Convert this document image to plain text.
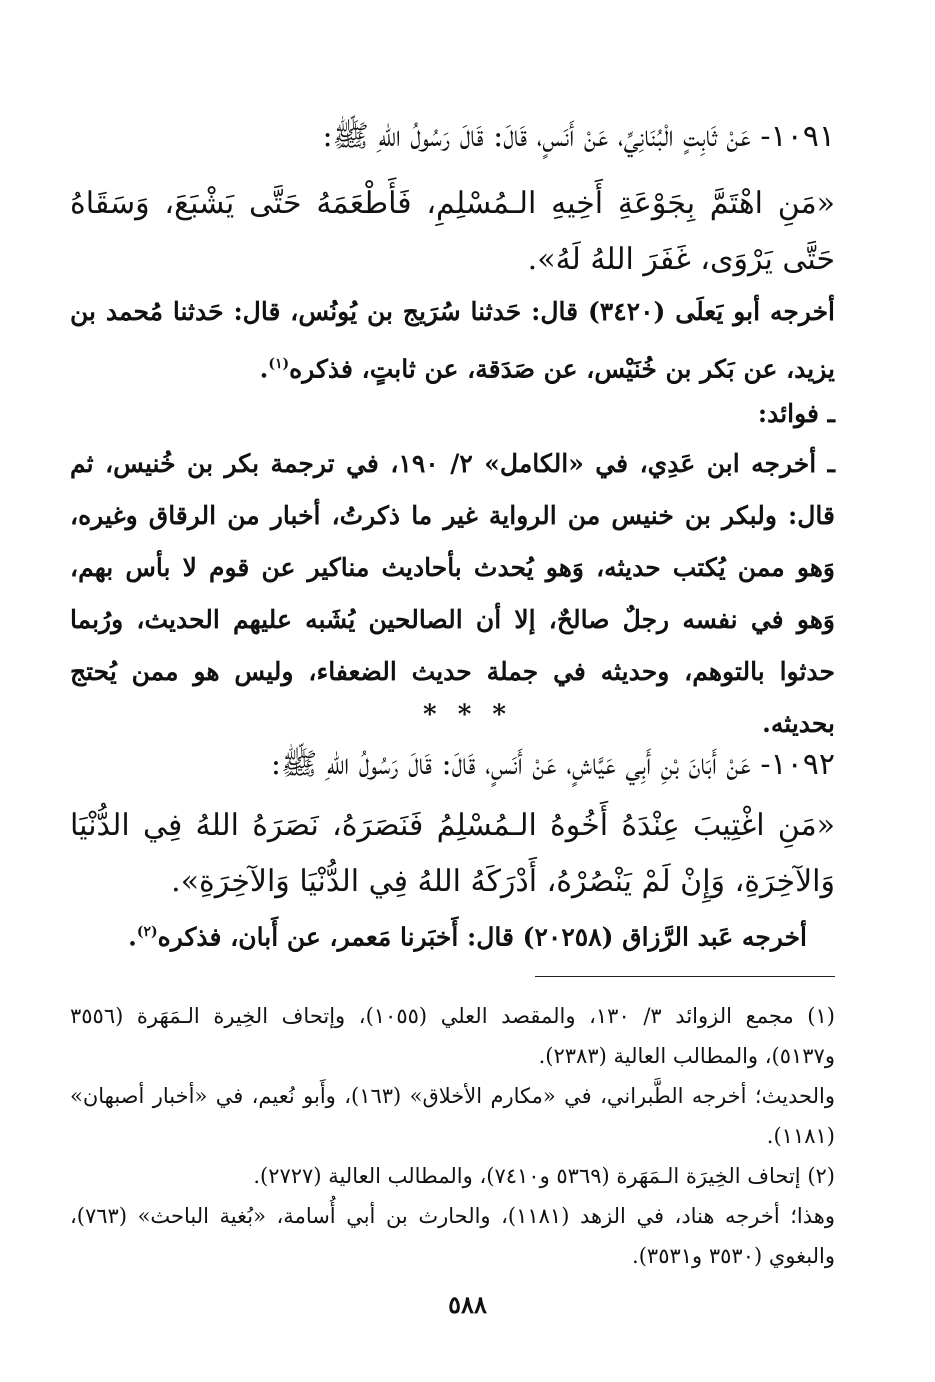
١٠٩١- عَنْ ثَابِتٍ الْبُنَانِيِّ، عَنْ أَنَسٍ، قَالَ: قَالَ رَسُولُ اللهِ ﷺ:
«مَنِ اهْتَمَّ بِجَوْعَةِ أَخِيهِ الـمُسْلِمِ، فَأَطْعَمَهُ حَتَّى يَشْبَعَ، وَسَقَاهُ حَتَّى يَرْوَى، غَفَرَ اللهُ لَهُ».
أخرجه أبو يَعلَى (٣٤٢٠) قال: حَدثنا سُرَيج بن يُونُس، قال: حَدثنا مُحمد بن يزيد، عن بَكر بن خُنَيْس، عن صَدَقة، عن ثابتٍ، فذكره$^{(١)}$.
ـ فوائد:
ـ أخرجه ابن عَدِي، في «الكامل» ٢/ ١٩٠، في ترجمة بكر بن خُنيس، ثم قال: ولبكر بن خنيس من الرواية غير ما ذكرتُ، أخبار من الرقاق وغيره، وَهو ممن يُكتب حديثه، وَهو يُحدث بأحاديث مناكير عن قوم لا بأس بهم، وَهو في نفسه رجلٌ صالحٌ، إلا أن الصالحين يُشَبه عليهم الحديث، ورُبما حدثوا بالتوهم، وحديثه في جملة حديث الضعفاء، وليس هو ممن يُحتج بحديثه.
* * *
١٠٩٢- عَنْ أَبَانَ بْنِ أَبِي عَيَّاشٍ، عَنْ أَنَسٍ، قَالَ: قَالَ رَسُولُ اللهِ ﷺ:
«مَنِ اغْتِيبَ عِنْدَهُ أَخُوهُ الـمُسْلِمُ فَنَصَرَهُ، نَصَرَهُ اللهُ فِي الدُّنْيَا وَالآخِرَةِ، وَإِنْ لَمْ يَنْصُرْهُ، أَدْرَكَهُ اللهُ فِي الدُّنْيَا وَالآخِرَةِ».
أخرجه عَبد الرَّزاق (٢٠٢٥٨) قال: أَخبَرنا مَعمر، عن أَبان، فذكره$^{(٢)}$.
(١) مجمع الزوائد ٣/ ١٣٠، والمقصد العلي (١٠٥٥)، وإتحاف الخِيرة الـمَهَرة (٣٥٥٦ و٥١٣٧)، والمطالب العالية (٢٣٨٣).
والحديث؛ أخرجه الطَّبراني، في «مكارم الأخلاق» (١٦٣)، وأَبو نُعيم، في «أخبار أصبهان» (١١٨١).
(٢) إتحاف الخِيرَة الـمَهَرة (٥٣٦٩ و٧٤١٠)، والمطالب العالية (٢٧٢٧).
وهذا؛ أخرجه هناد، في الزهد (١١٨١)، والحارث بن أبي أُسامة، «بُغية الباحث» (٧٦٣)، والبغوي (٣٥٣٠ و٣٥٣١).
٥٨٨
